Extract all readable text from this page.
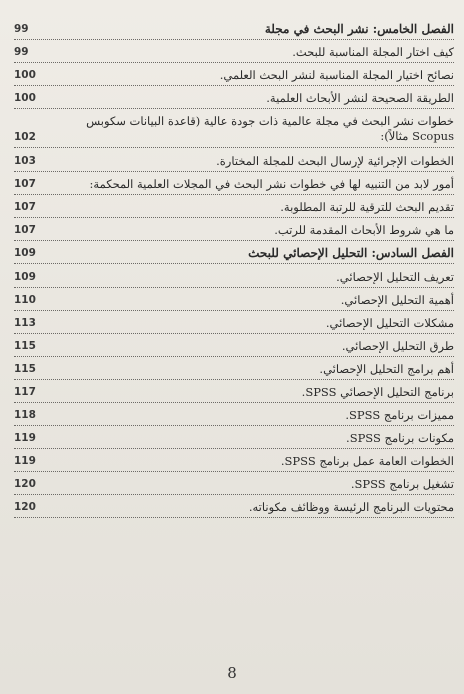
الفصل الخامس: نشر البحث في مجلة
99
كيف اختار المجلة المناسبة للبحث.
99
نصائح اختيار المجلة المناسبة لنشر البحث العلمي.
100
الطريقة الصحيحة لنشر الأبحاث العلمية.
100
خطوات نشر البحث في مجلة عالمية ذات جودة عالية (قاعدة البيانات سكوبس Scopus مثالاً):
102
الخطوات الإجرائية لإرسال البحث للمجلة المختارة.
103
أمور لابد من التنبيه لها في خطوات نشر البحث في المجلات العلمية المحكمة:
107
تقديم البحث للترقية للرتبة المطلوبة.
107
ما هي شروط الأبحاث المقدمة للرتب.
107
الفصل السادس: التحليل الإحصائي للبحث
109
تعريف التحليل الإحصائي.
109
أهمية التحليل الإحصائي.
110
مشكلات التحليل الإحصائي.
113
طرق التحليل الإحصائي.
115
أهم برامج التحليل الإحصائي.
115
برنامج التحليل الإحصائي SPSS.
117
مميزات برنامج SPSS.
118
مكونات برنامج SPSS.
119
الخطوات العامة عمل برنامج SPSS.
119
تشغيل برنامج SPSS.
120
محتويات البرنامج الرئيسة ووظائف مكوناته.
120
8
